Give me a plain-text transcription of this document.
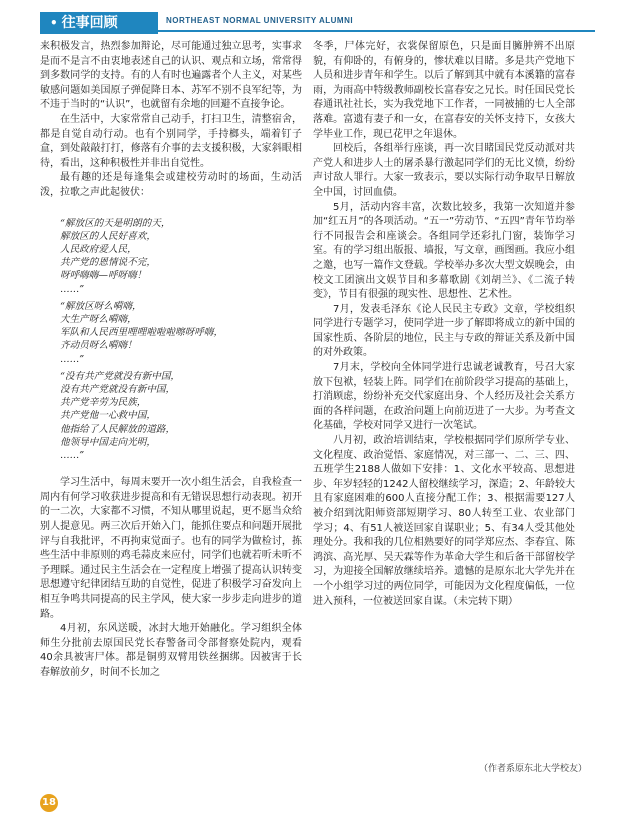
• 往事回顾	NORTHEAST NORMAL UNIVERSITY ALUMNI

来积极发言，热烈参加辩论，尽可能通过独立思考，实事求是而不是言不由衷地表述自己的认识、观点和立场，常常得到多数同学的支持。有的人有时也遍露者个人主义，对某些敏感问题如美国原子弹促降日本、苏军不别不良军纪等，为不违于当时的“认识”，也就留有余地的回避不直接争论。

在生活中，大家常常自己动手，打扫卫生，清整宿舍，都是自觉自动行动。也有个别同学，手持榔头，端着钉子盒，到处敲敲打打，修落有介事的去支援积极，大家斜眼相待，看出，这种积极性并非出自觉性。

最有趣的还是每逢集会或建校劳动时的场面，生动活泼，拉歌之声此起彼伏：

“解放区的天是明朗的天，
解放区的人民好喜欢，
人民政府爱人民，
共产党的恩情说不完，
呀呼嗨嗨—呼呀嗨！
……”
“解放区呀么嗬嗨，
大生产呀么嗬嗨，
军队和人民西里哩哩啦啦啦嚓呀呼嗨，
齐动员呀么嗬嗨！
……”
“没有共产党就没有新中国，
没有共产党就没有新中国，
共产党辛劳为民族，
共产党他一心救中国，
他指给了人民解放的道路，
他领导中国走向光明，
……”

学习生活中，每周末要开一次小组生活会，自我检查一周内有何学习收获进步提高和有无错误思想行动表现。初开的一二次，大家都不习惯，不知从哪里说起，更不愿当众给别人提意见。两三次后开始入门，能抓住要点和问题开展批评与自我批评，不再拘束觉面子。也有的同学为做检讨，拣些生活中非原则的鸡毛蒜皮来应付，同学们也就若听未听不予理睬。通过民主生活会在一定程度上增强了提高认识转变思想遵守纪律团结互助的自觉性，促进了积极学习奋发向上相互争鸣共同提高的民主学风，使大家一步步走向进步的道路。

4月初，东风送暖，冰封大地开始融化。学习组织全体师生分批前去原国民党长春警备司令部督察处院内，观看40余具被害尸体。都是铜剪双臂用铁丝捆绑。因被害于长春解放前夕，时间不长加之

冬季，尸体完好，衣裳保留原色，只是面目臃肿辨不出原貌，有仰卧的，有俯身的，惨状难以目睹。多是共产党地下人员和进步青年和学生。以后了解到其中就有本溪籍的富春雨，为雨高中特级教师副校长富春安之兄长。时任国民党长春通讯社社长，实为我党地下工作者，一同被捕的七人全部落难。富遗有妻子和一女，在富春安的关怀支持下，女孩大学毕业工作，现已花甲之年退休。

回校后，各组举行座谈，再一次目睹国民党反动派对共产党人和进步人士的屠杀暴行激起同学们的无比义愤，纷纷声讨敌人罪行。大家一致表示，要以实际行动争取早日解放全中国，讨回血债。

5月，活动内容丰富，次数比较多，我第一次知道并参加“红五月”的各项活动。“五一”劳动节、“五四”青年节均举行不同报告会和座谈会。各组同学还彩扎门窗，装饰学习室。有的学习组出版报、墙报，写文章，画图画。我应小组之邀，也写一篇作文登载。学校举办多次大型文娱晚会，由校文工团演出文娱节目和多幕歌剧《刘胡兰》、《二流子转变》，节目有很强的现实性、思想性、艺术性。

7月，发表毛泽东《论人民民主专政》文章，学校组织同学进行专题学习，使同学进一步了解即将成立的新中国的国家性质、各阶层的地位，民主与专政的辩证关系及新中国的对外政策。

7月末，学校向全体同学进行忠诚老诚教育，号召大家放下包袱，轻装上阵。同学们在前阶段学习提高的基础上，打消顾虑，纷纷补充交代家庭出身、个人经历及社会关系方面的各样问题，在政治问题上向前迈进了一大步。为考查文化基础，学校对同学又进行一次笔试。

八月初，政治培训结束，学校根据同学们原所学专业、文化程度、政治觉悟、家庭情况，对三部一、二、三、四、五班学生2188人做如下安排：1、文化水平较高、思想进步、年岁轻轻的1242人留校继续学习，深造；2、年龄较大且有家庭困难的600人直接分配工作；3、根据需要127人被介绍到沈阳师资部短期学习、80人转至工业、农业部门学习；4、有51人被送回家自谋职业；5、有34人受其他处理处分。我和我的几位相熟要好的同学郑应杰、李春宜、陈鸿滨、高光厚、吴天霖等作为革命大学生和后备干部留校学习，为迎接全国解放继续培养。遗憾的是原东北大学先并在一个小组学习过的两位同学，可能因为文化程度偏低，一位进入预科，一位被送回家自谋。（未完转下期）

（作者系原东北大学校友）
18
